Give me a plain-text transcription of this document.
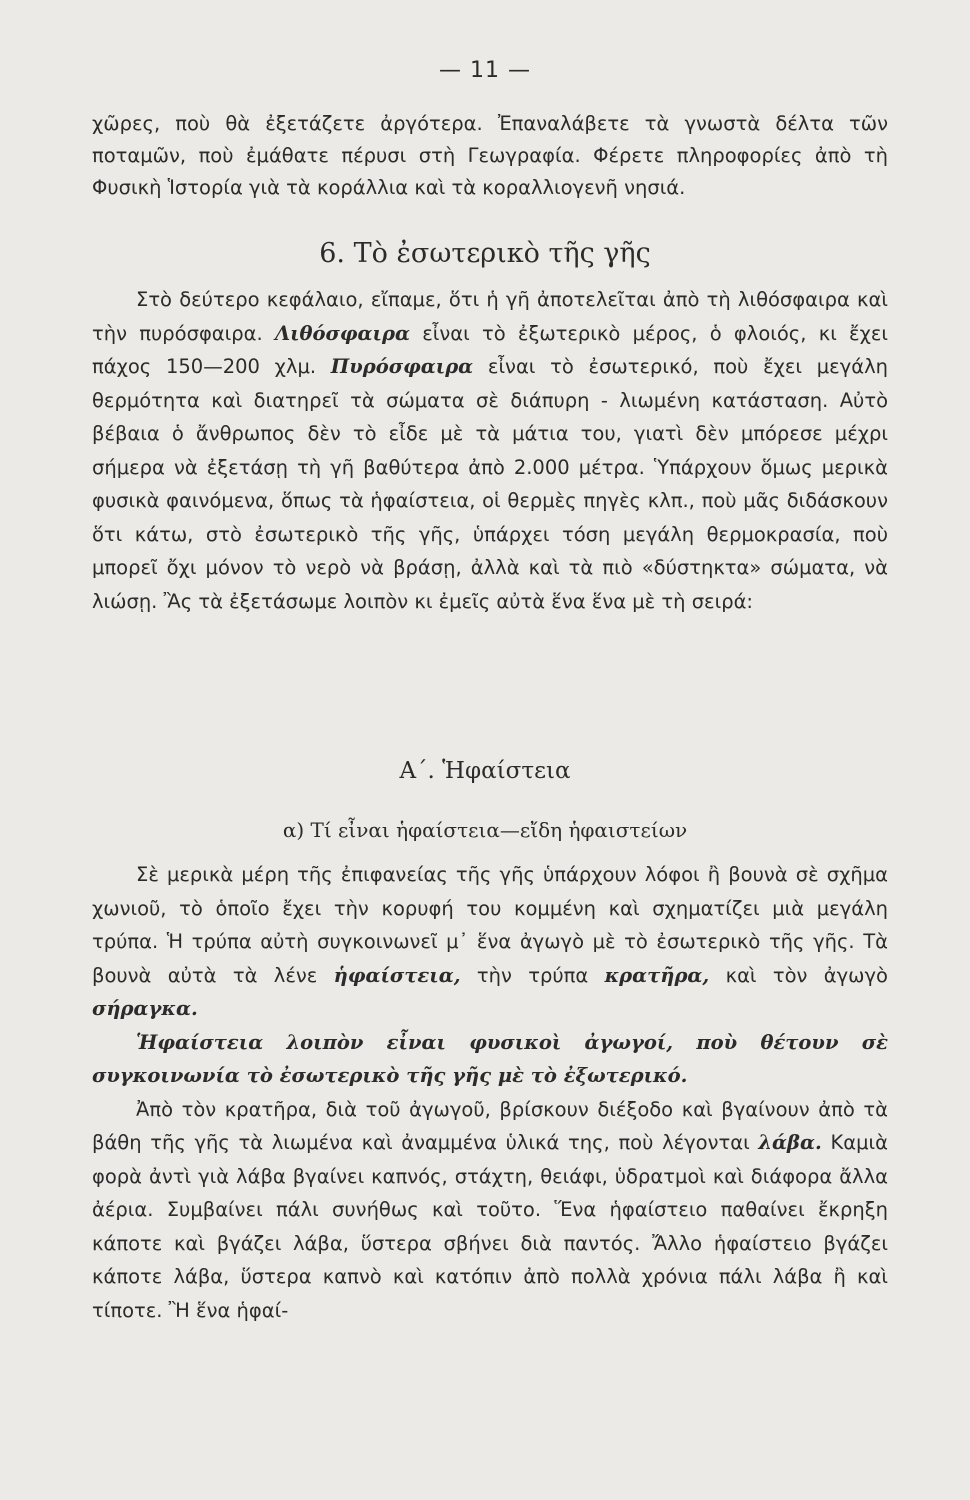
— 11 —

χῶρες, ποὺ θὰ ἐξετάζετε ἀργότερα. Ἐπαναλάβετε τὰ γνωστὰ δέλτα τῶν ποταμῶν, ποὺ ἐμάθατε πέρυσι στὴ Γεωγραφία. Φέρετε πληροφορίες ἀπὸ τὴ Φυσικὴ Ἱστορία γιὰ τὰ κοράλλια καὶ τὰ κοραλλιογενῆ νησιά.

6. Τὸ ἐσωτερικὸ τῆς γῆς

Στὸ δεύτερο κεφάλαιο, εἴπαμε, ὅτι ἡ γῆ ἀποτελεῖται ἀπὸ τὴ λιθόσφαιρα καὶ τὴν πυρόσφαιρα. Λιθόσφαιρα εἶναι τὸ ἐξωτερικὸ μέρος, ὁ φλοιός, κι ἔχει πάχος 150—200 χλμ. Πυρόσφαιρα εἶναι τὸ ἐσωτερικό, ποὺ ἔχει μεγάλη θερμότητα καὶ διατηρεῖ τὰ σώματα σὲ διάπυρη - λιωμένη κατάσταση. Αὐτὸ βέβαια ὁ ἄνθρωπος δὲν τὸ εἶδε μὲ τὰ μάτια του, γιατὶ δὲν μπόρεσε μέχρι σήμερα νὰ ἐξετάσῃ τὴ γῆ βαθύτερα ἀπὸ 2.000 μέτρα. Ὑπάρχουν ὅμως μερικὰ φυσικὰ φαινόμενα, ὅπως τὰ ἡφαίστεια, οἱ θερμὲς πηγὲς κλπ., ποὺ μᾶς διδάσκουν ὅτι κάτω, στὸ ἐσωτερικὸ τῆς γῆς, ὑπάρχει τόση μεγάλη θερμοκρασία, ποὺ μπορεῖ ὄχι μόνον τὸ νερὸ νὰ βράσῃ, ἀλλὰ καὶ τὰ πιὸ «δύστηκτα» σώματα, νὰ λιώσῃ. Ἂς τὰ ἐξετάσωμε λοιπὸν κι ἐμεῖς αὐτὰ ἕνα ἕνα μὲ τὴ σειρά:

Α΄. Ἡφαίστεια
α) Τί εἶναι ἡφαίστεια—εἴδη ἡφαιστείων

Σὲ μερικὰ μέρη τῆς ἐπιφανείας τῆς γῆς ὑπάρχουν λόφοι ἢ βουνὰ σὲ σχῆμα χωνιοῦ, τὸ ὁποῖο ἔχει τὴν κορυφή του κομμένη καὶ σχηματίζει μιὰ μεγάλη τρύπα. Ἡ τρύπα αὐτὴ συγκοινωνεῖ μ᾽ ἕνα ἀγωγὸ μὲ τὸ ἐσωτερικὸ τῆς γῆς. Τὰ βουνὰ αὐτὰ τὰ λένε ἡφαίστεια, τὴν τρύπα κρατῆρα, καὶ τὸν ἀγωγὸ σήραγκα.

Ἡφαίστεια λοιπὸν εἶναι φυσικοὶ ἀγωγοί, ποὺ θέτουν σὲ συγκοινωνία τὸ ἐσωτερικὸ τῆς γῆς μὲ τὸ ἐξωτερικό.

Ἀπὸ τὸν κρατῆρα, διὰ τοῦ ἀγωγοῦ, βρίσκουν διέξοδο καὶ βγαίνουν ἀπὸ τὰ βάθη τῆς γῆς τὰ λιωμένα καὶ ἀναμμένα ὑλικά της, ποὺ λέγονται λάβα. Καμιὰ φορὰ ἀντὶ γιὰ λάβα βγαίνει καπνός, στάχτη, θειάφι, ὑδρατμοὶ καὶ διάφορα ἄλλα ἀέρια. Συμβαίνει πάλι συνήθως καὶ τοῦτο. Ἕνα ἡφαίστειο παθαίνει ἔκρηξη κάποτε καὶ βγάζει λάβα, ὕστερα σβήνει διὰ παντός. Ἄλλο ἡφαίστειο βγάζει κάποτε λάβα, ὕστερα καπνὸ καὶ κατόπιν ἀπὸ πολλὰ χρόνια πάλι λάβα ἢ καὶ τίποτε. Ἢ ἕνα ἡφαί-
